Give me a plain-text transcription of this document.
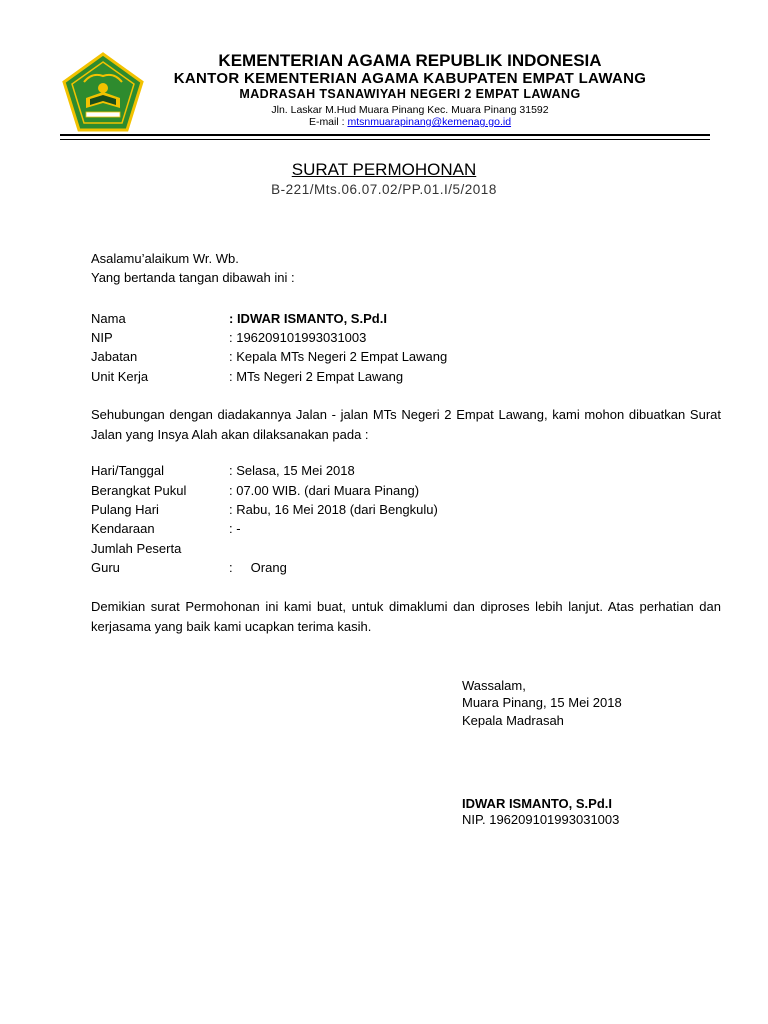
KEMENTERIAN AGAMA REPUBLIK INDONESIA
KANTOR KEMENTERIAN AGAMA KABUPATEN EMPAT LAWANG
MADRASAH TSANAWIYAH NEGERI 2 EMPAT LAWANG
Jln. Laskar M.Hud Muara Pinang Kec. Muara Pinang 31592
E-mail : mtsnmuarapinang@kemenag.go.id
SURAT PERMOHONAN
B-221/Mts.06.07.02/PP.01.I/5/2018
Asalamu’alaikum Wr. Wb.
Yang bertanda tangan dibawah ini :
Nama	: IDWAR ISMANTO, S.Pd.I
NIP	: 196209101993031003
Jabatan	: Kepala MTs Negeri 2 Empat Lawang
Unit Kerja	: MTs Negeri 2 Empat Lawang
Sehubungan dengan diadakannya Jalan - jalan MTs Negeri 2 Empat Lawang, kami mohon dibuatkan Surat Jalan yang Insya Alah akan dilaksanakan pada :
Hari/Tanggal	: Selasa, 15 Mei 2018
Berangkat Pukul	: 07.00 WIB. (dari Muara Pinang)
Pulang Hari	: Rabu, 16 Mei 2018 (dari Bengkulu)
Kendaraan	: -
Jumlah Peserta
Guru	:     Orang
Demikian surat Permohonan ini kami buat, untuk dimaklumi dan diproses lebih lanjut. Atas perhatian dan kerjasama yang baik kami ucapkan terima kasih.
Wassalam,
Muara Pinang, 15 Mei 2018
Kepala Madrasah
IDWAR ISMANTO, S.Pd.I
NIP. 196209101993031003
